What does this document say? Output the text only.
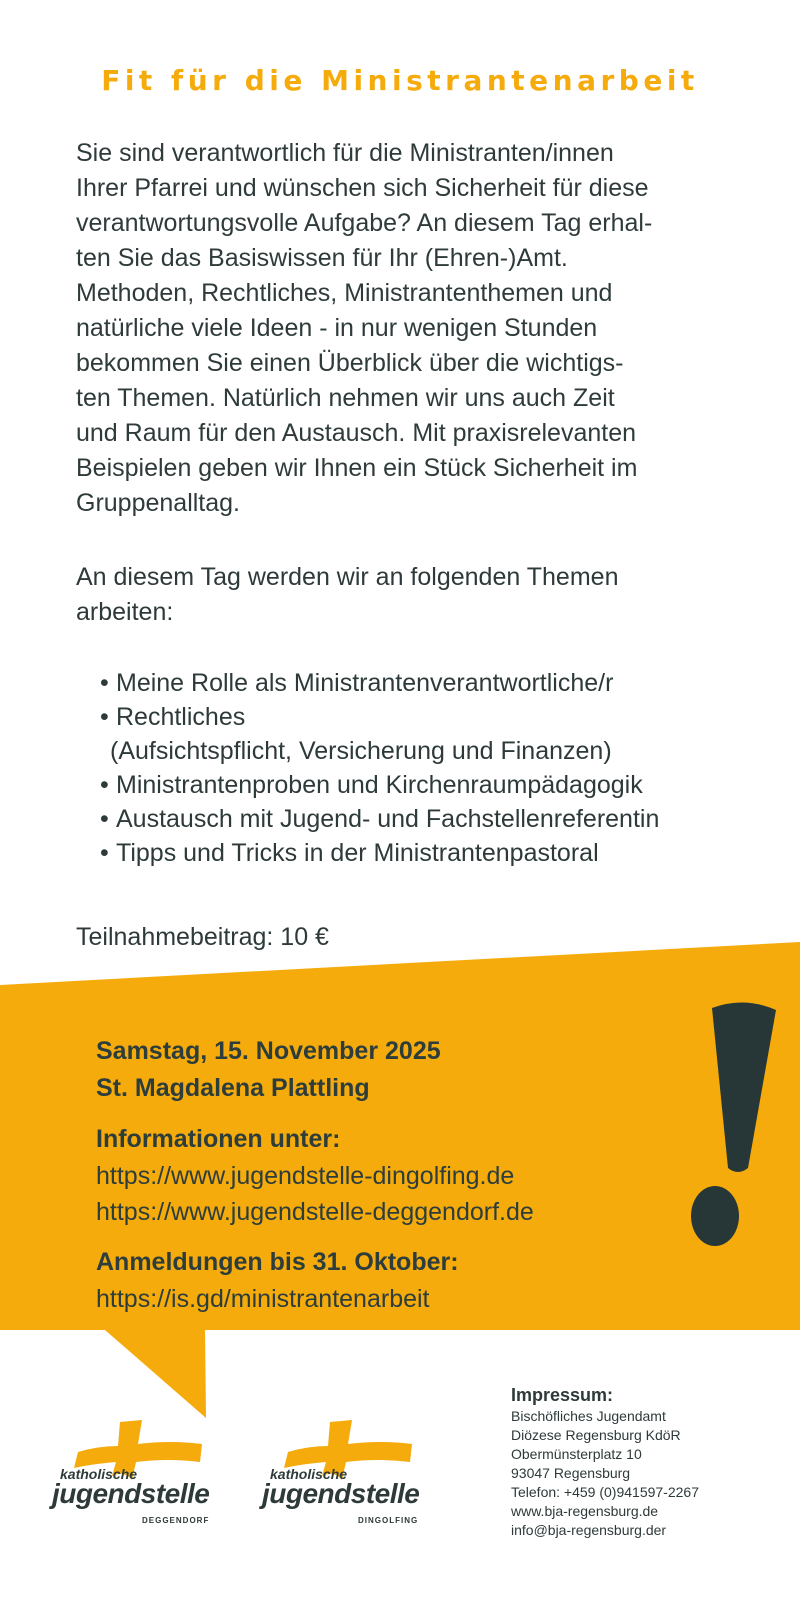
Fit für die Ministrantenarbeit
Sie sind verantwortlich für die Ministranten/innen
Ihrer Pfarrei und wünschen sich Sicherheit für diese
verantwortungsvolle Aufgabe? An diesem Tag erhal-
ten Sie das Basiswissen für Ihr (Ehren-)Amt.
Methoden, Rechtliches, Ministrantenthemen und
natürliche viele Ideen - in nur wenigen Stunden
bekommen Sie einen Überblick über die wichtigs-
ten Themen. Natürlich nehmen wir uns auch Zeit
und Raum für den Austausch. Mit praxisrelevanten
Beispielen geben wir Ihnen ein Stück Sicherheit im
Gruppenalltag.
An diesem Tag werden wir an folgenden Themen
arbeiten:
• Meine Rolle als Ministrantenverantwortliche/r
• Rechtliches
(Aufsichtspflicht, Versicherung und Finanzen)
• Ministrantenproben und Kirchenraumpädagogik
• Austausch mit Jugend- und Fachstellenreferentin
• Tipps und Tricks in der Ministrantenpastoral
Teilnahmebeitrag: 10 €
Samstag, 15. November 2025
St. Magdalena Plattling
Informationen unter:
https://www.jugendstelle-dingolfing.de
https://www.jugendstelle-deggendorf.de
Anmeldungen bis 31. Oktober:
https://is.gd/ministrantenarbeit
katholische
jugendstelle
DEGGENDORF
katholische
jugendstelle
DINGOLFING
Impressum:
Bischöfliches Jugendamt
Diözese Regensburg KdöR
Obermünsterplatz 10
93047 Regensburg
Telefon: +459 (0)941597-2267
www.bja-regensburg.de
info@bja-regensburg.der
